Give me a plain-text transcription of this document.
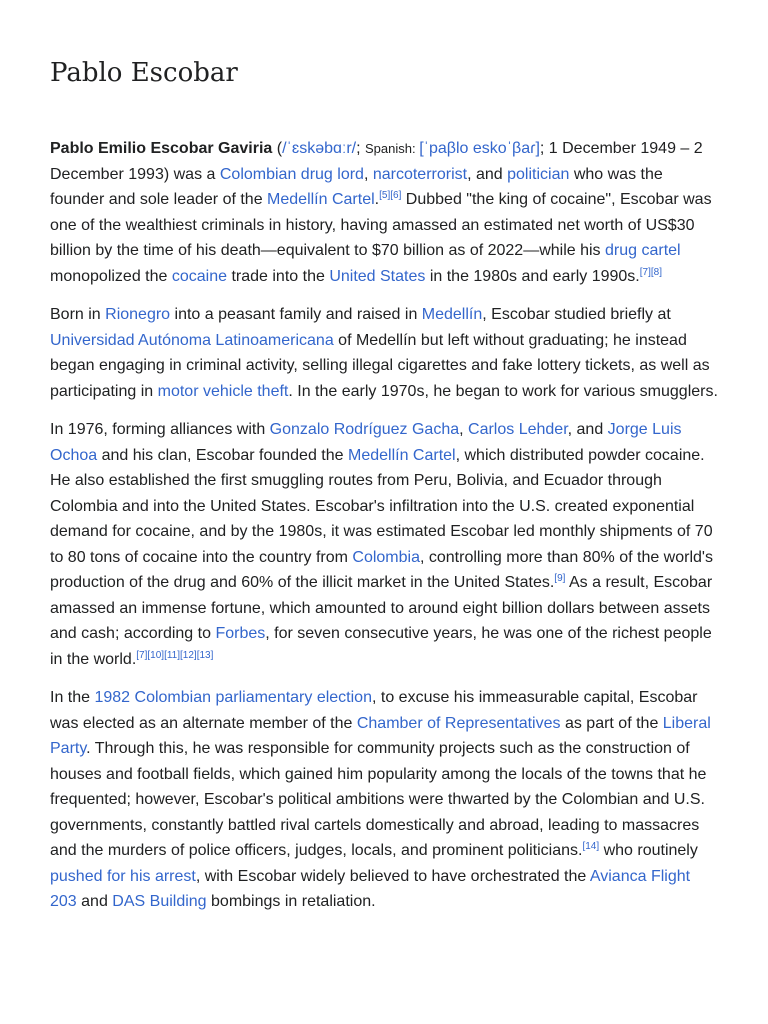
Pablo Escobar

Pablo Emilio Escobar Gaviria (/ˈɛskəbɑːr/; Spanish: [ˈpaβlo eskoˈβaɾ]; 1 December 1949 – 2 December 1993) was a Colombian drug lord, narcoterrorist, and politician who was the founder and sole leader of the Medellín Cartel.[5][6] Dubbed "the king of cocaine", Escobar was one of the wealthiest criminals in history, having amassed an estimated net worth of US$30 billion by the time of his death—equivalent to $70 billion as of 2022—while his drug cartel monopolized the cocaine trade into the United States in the 1980s and early 1990s.[7][8]

Born in Rionegro into a peasant family and raised in Medellín, Escobar studied briefly at Universidad Autónoma Latinoamericana of Medellín but left without graduating; he instead began engaging in criminal activity, selling illegal cigarettes and fake lottery tickets, as well as participating in motor vehicle theft. In the early 1970s, he began to work for various smugglers.

In 1976, forming alliances with Gonzalo Rodríguez Gacha, Carlos Lehder, and Jorge Luis Ochoa and his clan, Escobar founded the Medellín Cartel, which distributed powder cocaine. He also established the first smuggling routes from Peru, Bolivia, and Ecuador through Colombia and into the United States. Escobar's infiltration into the U.S. created exponential demand for cocaine, and by the 1980s, it was estimated Escobar led monthly shipments of 70 to 80 tons of cocaine into the country from Colombia, controlling more than 80% of the world's production of the drug and 60% of the illicit market in the United States.[9] As a result, Escobar amassed an immense fortune, which amounted to around eight billion dollars between assets and cash; according to Forbes, for seven consecutive years, he was one of the richest people in the world.[7][10][11][12][13]

In the 1982 Colombian parliamentary election, to excuse his immeasurable capital, Escobar was elected as an alternate member of the Chamber of Representatives as part of the Liberal Party. Through this, he was responsible for community projects such as the construction of houses and football fields, which gained him popularity among the locals of the towns that he frequented; however, Escobar's political ambitions were thwarted by the Colombian and U.S. governments, constantly battled rival cartels domestically and abroad, leading to massacres and the murders of police officers, judges, locals, and prominent politicians.[14] who routinely pushed for his arrest, with Escobar widely believed to have orchestrated the Avianca Flight 203 and DAS Building bombings in retaliation.
